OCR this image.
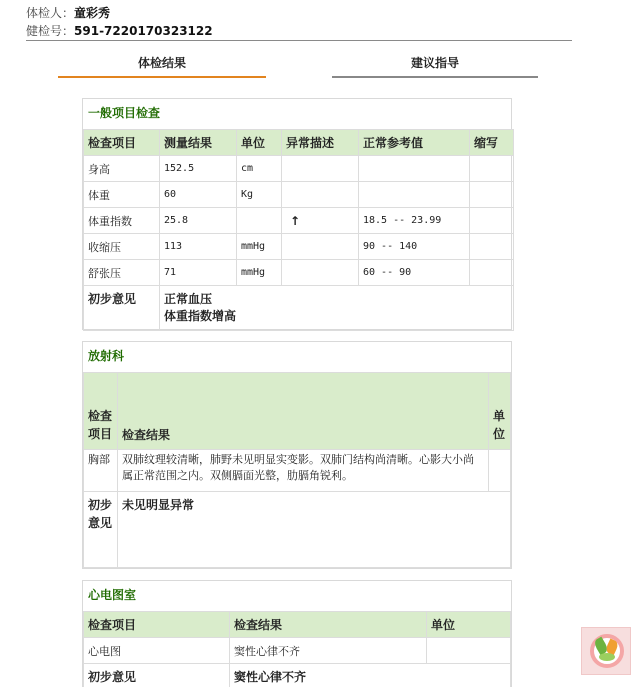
体检人：童彩秀
健检号：591-7220170323122
体检结果	建议指导
一般项目检查
检查项目	测量结果	单位	异常描述	正常参考值	缩写
身高	152.5	cm			
体重	60	Kg			
体重指数	25.8		↑	18.5 -- 23.99	
收缩压	113	mmHg		90 -- 140	
舒张压	71	mmHg		60 -- 90	
初步意见	正常血压
体重指数增高				
放射科
检查项目	检查结果	单位
胸部	双肺纹理较清晰，肺野未见明显实变影。双肺门结构尚清晰。心影大小尚属正常范围之内。双侧膈面光整，肋膈角锐利。	
初步意见	未见明显异常	
心电图室
检查项目	检查结果	单位
心电图	窦性心律不齐	
初步意见	窦性心律不齐	
